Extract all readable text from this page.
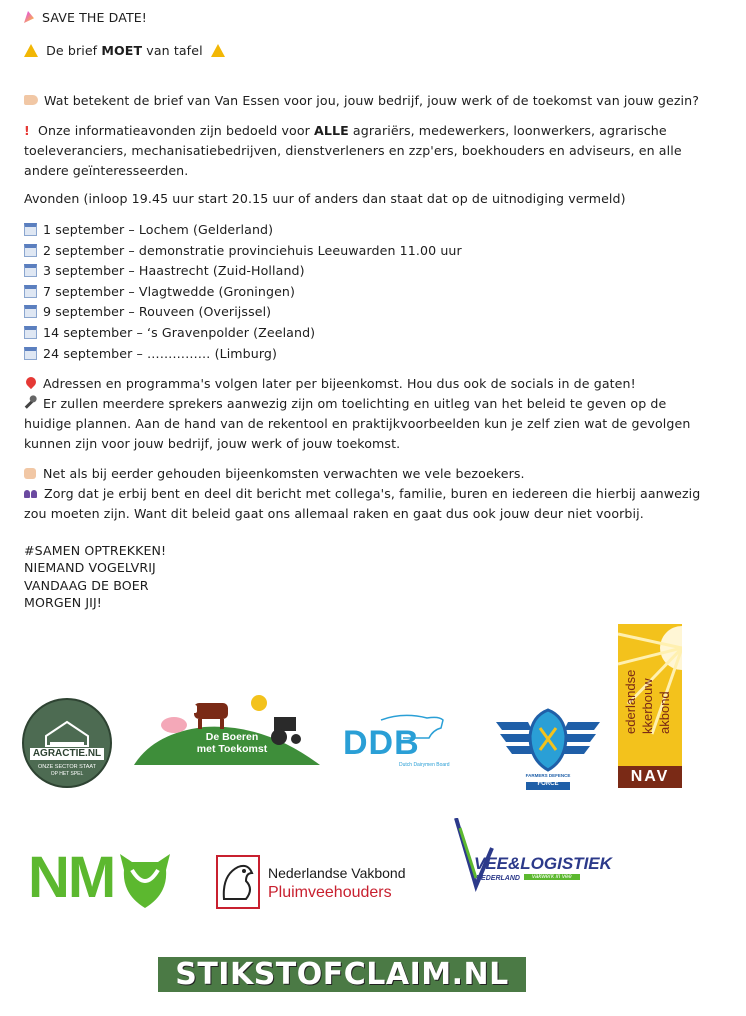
SAVE THE DATE!
De brief MOET van tafel
Wat betekent de brief van Van Essen voor jou, jouw bedrijf, jouw werk of de toekomst van jouw gezin?
! Onze informatieavonden zijn bedoeld voor ALLE agrariërs, medewerkers, loonwerkers, agrarische
toeleveranciers, mechanisatiebedrijven, dienstverleners en zzp'ers, boekhouders en adviseurs, en alle
andere geïnteresseerden.
Avonden (inloop 19.45 uur start 20.15 uur of anders dan staat dat op de uitnodiging vermeld)
1 september – Lochem (Gelderland)
2 september – demonstratie provinciehuis Leeuwarden 11.00 uur
3 september – Haastrecht (Zuid-Holland)
7 september – Vlagtwedde (Groningen)
9 september – Rouveen (Overijssel)
14 september – ‘s Gravenpolder (Zeeland)
24 september – …………… (Limburg)
Adressen en programma's volgen later per bijeenkomst. Hou dus ook de socials in de gaten!
Er zullen meerdere sprekers aanwezig zijn om toelichting en uitleg van het beleid te geven op de
huidige plannen. Aan de hand van de rekentool en praktijkvoorbeelden kun je zelf zien wat de gevolgen
kunnen zijn voor jouw bedrijf, jouw werk of jouw toekomst.
Net als bij eerder gehouden bijeenkomsten verwachten we vele bezoekers.
Zorg dat je erbij bent en deel dit bericht met collega's, familie, buren en iedereen die hierbij aanwezig
zou moeten zijn. Want dit beleid gaat ons allemaal raken en gaat dus ook jouw deur niet voorbij.
#SAMEN OPTREKKEN!
NIEMAND VOGELVRIJ
VANDAAG DE BOER
MORGEN JIJ!
AGRACTIE.NL
ONZE SECTOR STAAT
OP HET SPEL
De Boeren
met Toekomst DDB
Dutch Dairymen Board
FARMERS DEFENCE
FORCE
ederlandse kkerbouw akbond
NAV
NM	Nederlandse Vakbond
Pluimveehouders
VEE&LOGISTIEK
NEDERLAND	vakwerk in vee
STIKSTOFCLAIM.NL
